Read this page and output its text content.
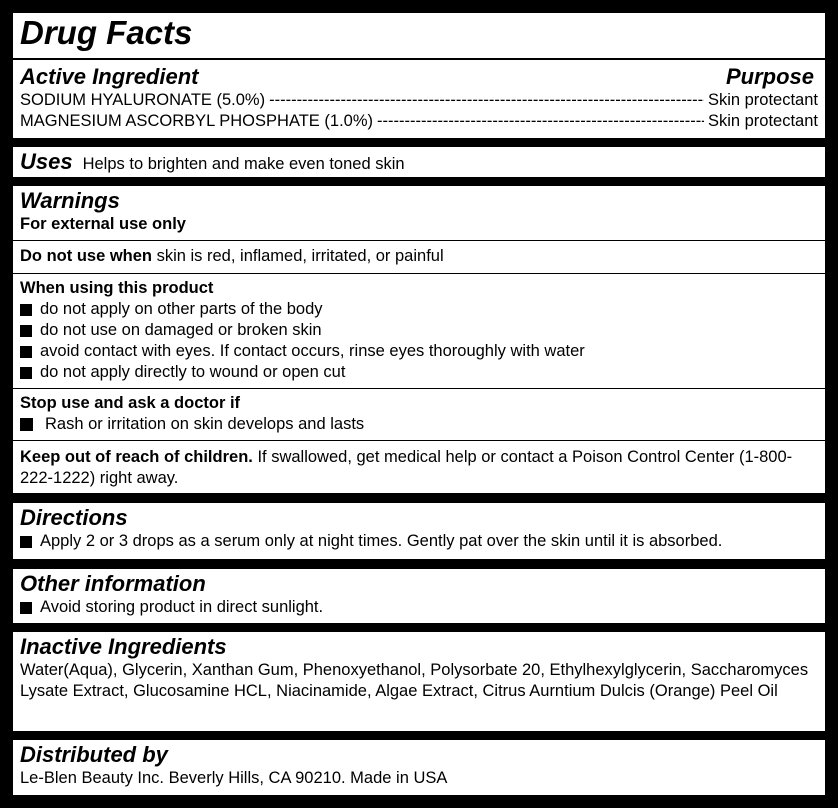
Drug Facts
Active Ingredient	Purpose
SODIUM HYALURONATE (5.0%) -----	Skin protectant
MAGNESIUM ASCORBYL PHOSPHATE (1.0%) -----	Skin protectant
Uses Helps to brighten and make even toned skin
Warnings
For external use only
Do not use when skin is red, inflamed, irritated, or painful
When using this product
do not apply on other parts of the body
do not use on damaged or broken skin
avoid contact with eyes. If contact occurs, rinse eyes thoroughly with water
do not apply directly to wound or open cut
Stop use and ask a doctor if
Rash or irritation on skin develops and lasts
Keep out of reach of children. If swallowed, get medical help or contact a Poison Control Center (1-800-222-1222) right away.
Directions
Apply 2 or 3 drops as a serum only at night times. Gently pat over the skin until it is absorbed.
Other information
Avoid storing product in direct sunlight.
Inactive Ingredients
Water(Aqua), Glycerin, Xanthan Gum, Phenoxyethanol, Polysorbate 20, Ethylhexylglycerin, Saccharomyces Lysate Extract, Glucosamine HCL, Niacinamide, Algae Extract, Citrus Aurntium Dulcis (Orange) Peel Oil
Distributed by
Le-Blen Beauty Inc. Beverly Hills, CA 90210. Made in USA
